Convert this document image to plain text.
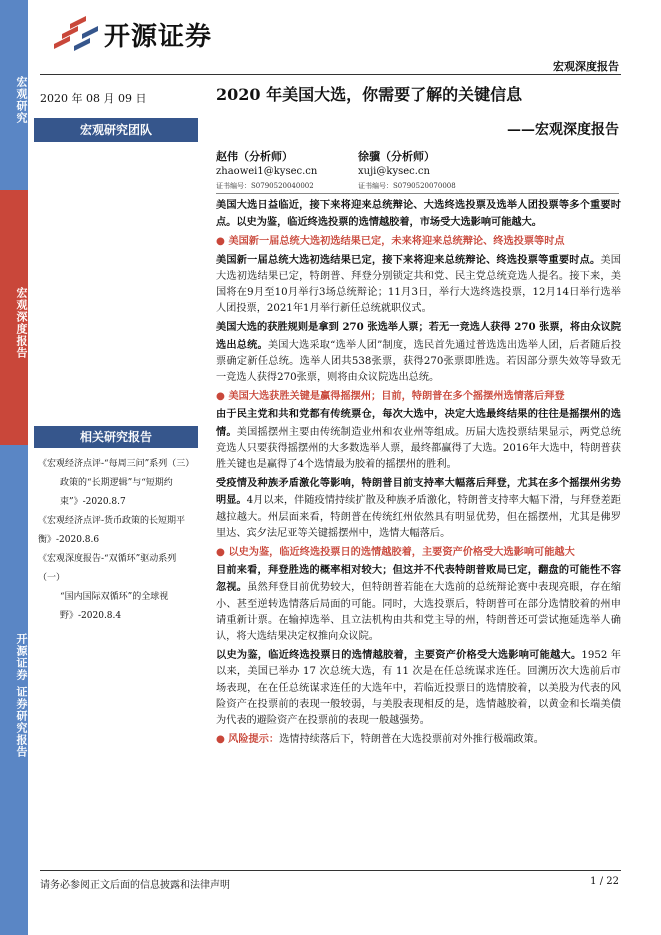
宏观研究
宏观深度报告
开源证券 证券研究报告
开源证券
宏观深度报告
2020 年 08 月 09 日	2020 年美国大选，你需要了解的关键信息
——宏观深度报告
宏观研究团队
赵伟（分析师）
zhaowei1@kysec.cn
证书编号：S0790520040002
徐骥（分析师）
xuji@kysec.cn
证书编号：S0790520070008
相关研究报告
《宏观经济点评-“每周三问”系列（三）
政策的“长期逻辑”与“短期约束”》-2020.8.7
《宏观经济点评-货币政策的长短期平衡》-2020.8.6
《宏观深度报告-“双循环”驱动系列（一）
“国内国际双循环”的全球视野》-2020.8.4

美国大选日益临近，接下来将迎来总统辩论、大选终选投票及选举人团投票等多个重要时点。以史为鉴，临近终选投票的选情越胶着，市场受大选影响可能越大。

● 美国新一届总统大选初选结果已定，未来将迎来总统辩论、终选投票等时点

美国新一届总统大选初选结果已定，接下来将迎来总统辩论、终选投票等重要时点。美国大选初选结果已定，特朗普、拜登分别锁定共和党、民主党总统竞选人提名。接下来，美国将在9月至10月举行3场总统辩论；11月3日，举行大选终选投票，12月14日举行选举人团投票，2021年1月举行新任总统就职仪式。

美国大选的获胜规则是拿到 270 张选举人票；若无一竞选人获得 270 张票，将由众议院选出总统。美国大选采取“选举人团”制度，选民首先通过普选选出选举人团，后者随后投票确定新任总统。选举人团共538张票，获得270张票即胜选。若因部分票失效等导致无一竞选人获得270张票，则将由众议院选出总统。

● 美国大选获胜关键是赢得摇摆州；目前，特朗普在多个摇摆州选情落后拜登

由于民主党和共和党都有传统票仓，每次大选中，决定大选最终结果的往往是摇摆州的选情。美国摇摆州主要由传统制造业州和农业州等组成。历届大选投票结果显示，两党总统竞选人只要获得摇摆州的大多数选举人票，最终都赢得了大选。2016年大选中，特朗普获胜关键也是赢得了4个选情最为胶着的摇摆州的胜利。

受疫情及种族矛盾激化等影响，特朗普目前支持率大幅落后拜登，尤其在多个摇摆州劣势明显。4月以来，伴随疫情持续扩散及种族矛盾激化，特朗普支持率大幅下滑，与拜登差距越拉越大。州层面来看，特朗普在传统红州依然具有明显优势，但在摇摆州，尤其是佛罗里达、宾夕法尼亚等关键摇摆州中，选情大幅落后。

● 以史为鉴，临近终选投票日的选情越胶着，主要资产价格受大选影响可能越大

目前来看，拜登胜选的概率相对较大；但这并不代表特朗普败局已定，翻盘的可能性不容忽视。虽然拜登目前优势较大，但特朗普若能在大选前的总统辩论赛中表现亮眼，存在缩小、甚至逆转选情落后局面的可能。同时，大选投票后，特朗普可在部分选情胶着的州申请重新计票。在输掉选举、且立法机构由共和党主导的州，特朗普还可尝试拖延选举人确认，将大选结果决定权推向众议院。

以史为鉴，临近终选投票日的选情越胶着，主要资产价格受大选影响可能越大。1952 年以来，美国已举办 17 次总统大选，有 11 次是在任总统谋求连任。回溯历次大选前后市场表现，在在任总统谋求连任的大选年中，若临近投票日的选情胶着，以美股为代表的风险资产在投票前的表现一般较弱，与美股表现相反的是，选情越胶着，以黄金和长端美债为代表的避险资产在投票前的表现一般越强势。

● 风险提示：选情持续落后下，特朗普在大选投票前对外推行极端政策。

请务必参阅正文后面的信息披露和法律声明	1 / 22
